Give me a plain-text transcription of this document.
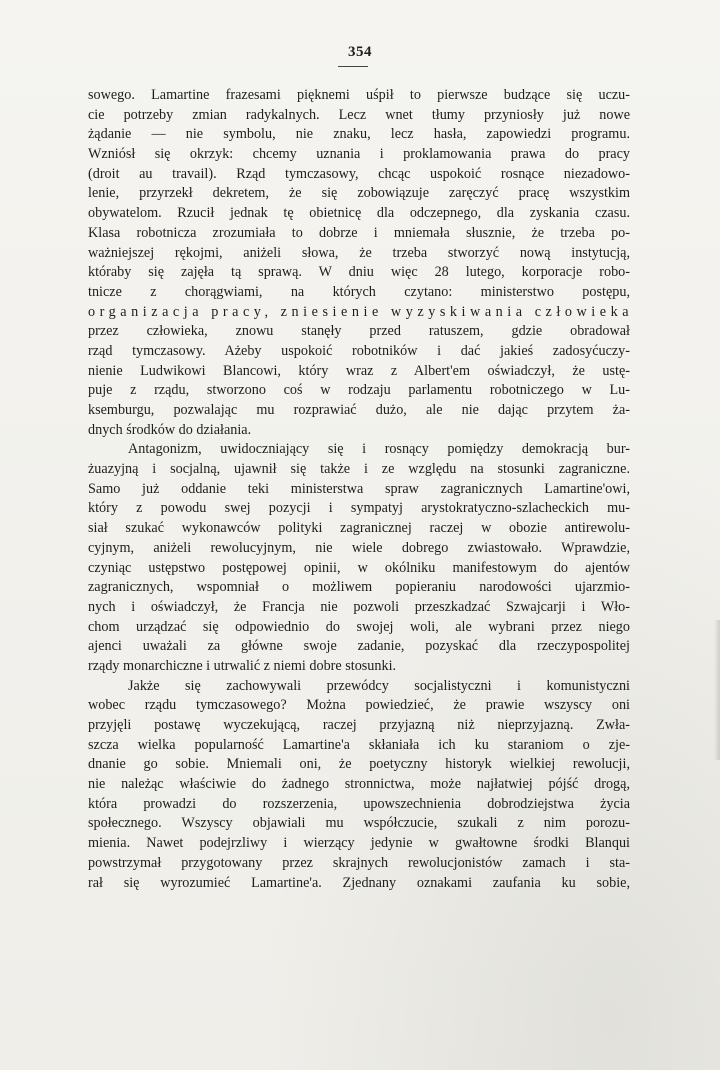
354
sowego. Lamartine frazesami pięknemi uśpił to pierwsze budzące się uczu-
cie potrzeby zmian radykalnych. Lecz wnet tłumy przyniosły już nowe
żądanie — nie symbolu, nie znaku, lecz hasła, zapowiedzi programu.
Wzniósł się okrzyk: chcemy uznania i proklamowania prawa do pracy
(droit au travail). Rząd tymczasowy, chcąc uspokoić rosnące niezadowo-
lenie, przyrzekł dekretem, że się zobowiązuje zaręczyć pracę wszystkim
obywatelom. Rzucił jednak tę obietnicę dla odczepnego, dla zyskania czasu.
Klasa robotnicza zrozumiała to dobrze i mniemała słusznie, że trzeba po-
ważniejszej rękojmi, aniżeli słowa, że trzeba stworzyć nową instytucją,
któraby się zajęła tą sprawą. W dniu więc 28 lutego, korporacje robo-
tnicze z chorągwiami, na których czytano: ministerstwo postępu,
organizacja pracy, zniesienie wyzyskiwania człowieka
przez człowieka, znowu stanęły przed ratuszem, gdzie obradował
rząd tymczasowy. Ażeby uspokoić robotników i dać jakieś zadosyćuczy-
nienie Ludwikowi Blancowi, który wraz z Albert'em oświadczył, że ustę-
puje z rządu, stworzono coś w rodzaju parlamentu robotniczego w Lu-
ksemburgu, pozwalając mu rozprawiać dużo, ale nie dając przytem ża-
dnych środków do działania.
Antagonizm, uwidoczniający się i rosnący pomiędzy demokracją bur-
żuazyjną i socjalną, ujawnił się także i ze względu na stosunki zagraniczne.
Samo już oddanie teki ministerstwa spraw zagranicznych Lamartine'owi,
który z powodu swej pozycji i sympatyj arystokratyczno-szlacheckich mu-
siał szukać wykonawców polityki zagranicznej raczej w obozie antirewolu-
cyjnym, aniżeli rewolucyjnym, nie wiele dobrego zwiastowało. Wprawdzie,
czyniąc ustępstwo postępowej opinii, w okólniku manifestowym do ajentów
zagranicznych, wspomniał o możliwem popieraniu narodowości ujarzmio-
nych i oświadczył, że Francja nie pozwoli przeszkadzać Szwajcarji i Wło-
chom urządzać się odpowiednio do swojej woli, ale wybrani przez niego
ajenci uważali za główne swoje zadanie, pozyskać dla rzeczypospolitej
rządy monarchiczne i utrwalić z niemi dobre stosunki.
Jakże się zachowywali przewódcy socjalistyczni i komunistyczni
wobec rządu tymczasowego? Można powiedzieć, że prawie wszyscy oni
przyjęli postawę wyczekującą, raczej przyjazną niż nieprzyjazną. Zwła-
szcza wielka popularność Lamartine'a skłaniała ich ku staraniom o zje-
dnanie go sobie. Mniemali oni, że poetyczny historyk wielkiej rewolucji,
nie należąc właściwie do żadnego stronnictwa, może najłatwiej pójść drogą,
która prowadzi do rozszerzenia, upowszechnienia dobrodziejstwa życia
społecznego. Wszyscy objawiali mu współczucie, szukali z nim porozu-
mienia. Nawet podejrzliwy i wierzący jedynie w gwałtowne środki Blanqui
powstrzymał przygotowany przez skrajnych rewolucjonistów zamach i sta-
rał się wyrozumieć Lamartine'a. Zjednany oznakami zaufania ku sobie,
